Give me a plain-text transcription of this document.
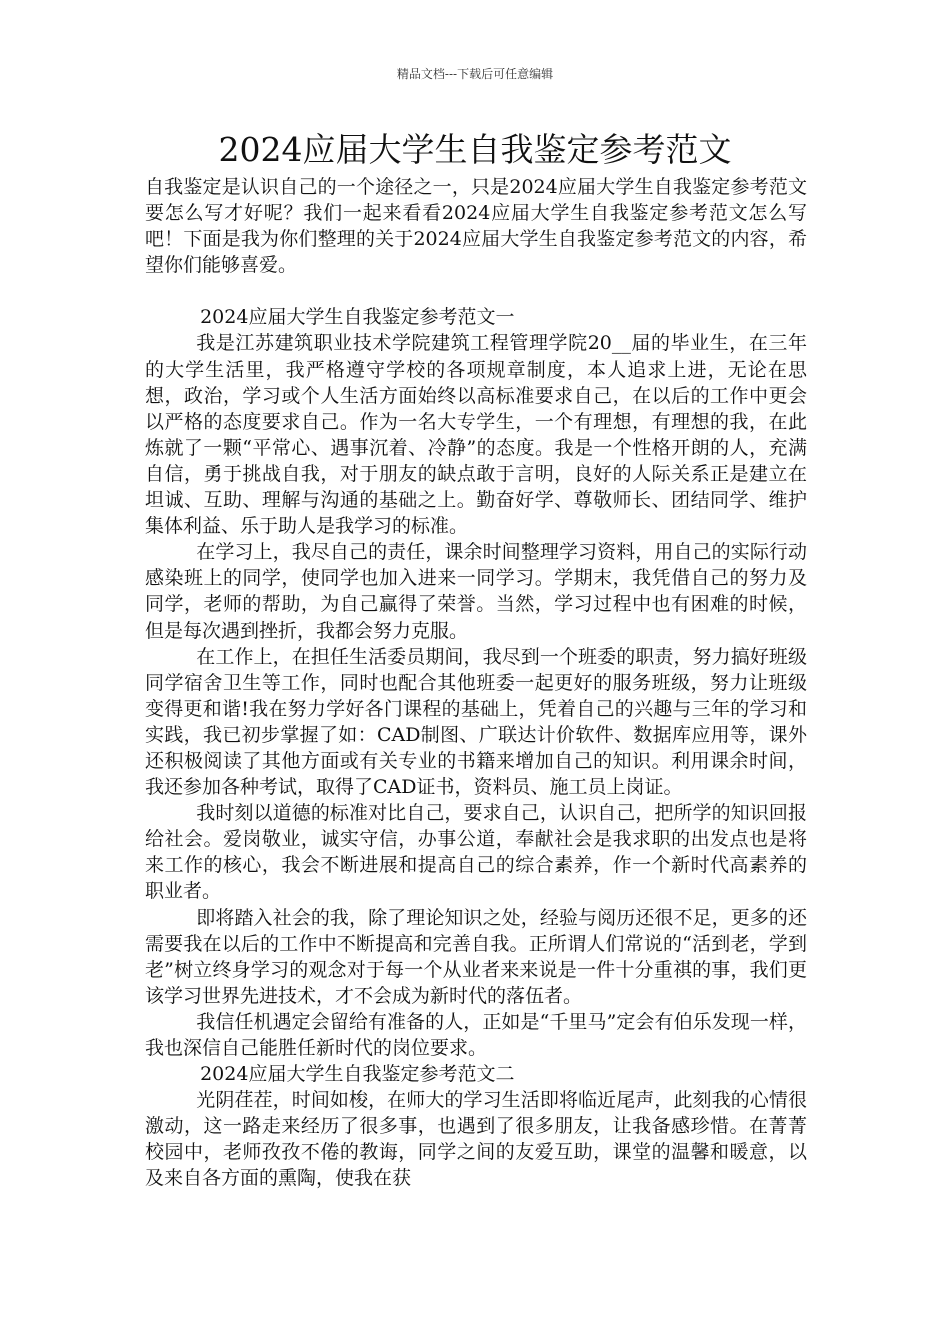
精品文档---下载后可任意编辑
2024应届大学生自我鉴定参考范文

自我鉴定是认识自己的一个途径之一，只是2024应届大学生自我鉴定参考范文要怎么写才好呢？我们一起来看看2024应届大学生自我鉴定参考范文怎么写吧！下面是我为你们整理的关于2024应届大学生自我鉴定参考范文的内容，希望你们能够喜爱。

2024应届大学生自我鉴定参考范文一

我是江苏建筑职业技术学院建筑工程管理学院20__届的毕业生，在三年的大学生活里，我严格遵守学校的各项规章制度，本人追求上进，无论在思想，政治，学习或个人生活方面始终以高标准要求自己，在以后的工作中更会以严格的态度要求自己。作为一名大专学生，一个有理想，有理想的我，在此炼就了一颗“平常心、遇事沉着、冷静”的态度。我是一个性格开朗的人，充满自信，勇于挑战自我，对于朋友的缺点敢于言明，良好的人际关系正是建立在坦诚、互助、理解与沟通的基础之上。勤奋好学、尊敬师长、团结同学、维护集体利益、乐于助人是我学习的标准。

在学习上，我尽自己的责任，课余时间整理学习资料，用自己的实际行动感染班上的同学，使同学也加入进来一同学习。学期末，我凭借自己的努力及同学，老师的帮助，为自己赢得了荣誉。当然，学习过程中也有困难的时候，但是每次遇到挫折，我都会努力克服。

在工作上，在担任生活委员期间，我尽到一个班委的职责，努力搞好班级同学宿舍卫生等工作，同时也配合其他班委一起更好的服务班级，努力让班级变得更和谐!我在努力学好各门课程的基础上，凭着自己的兴趣与三年的学习和实践，我已初步掌握了如：CAD制图、广联达计价软件、数据库应用等，课外还积极阅读了其他方面或有关专业的书籍来增加自己的知识。利用课余时间，我还参加各种考试，取得了CAD证书，资料员、施工员上岗证。

我时刻以道德的标准对比自己，要求自己，认识自己，把所学的知识回报给社会。爱岗敬业，诚实守信，办事公道，奉献社会是我求职的出发点也是将来工作的核心，我会不断进展和提高自己的综合素养，作一个新时代高素养的职业者。

即将踏入社会的我，除了理论知识之处，经验与阅历还很不足，更多的还需要我在以后的工作中不断提高和完善自我。正所谓人们常说的“活到老，学到老”树立终身学习的观念对于每一个从业者来来说是一件十分重祺的事，我们更该学习世界先进技术，才不会成为新时代的落伍者。

我信任机遇定会留给有准备的人，正如是“千里马”定会有伯乐发现一样，我也深信自己能胜任新时代的岗位要求。

2024应届大学生自我鉴定参考范文二

光阴荏茬，时间如梭，在师大的学习生活即将临近尾声，此刻我的心情很激动，这一路走来经历了很多事，也遇到了很多朋友，让我备感珍惜。在菁菁校园中，老师孜孜不倦的教诲，同学之间的友爱互助，课堂的温馨和暖意，以及来自各方面的熏陶，使我在获
